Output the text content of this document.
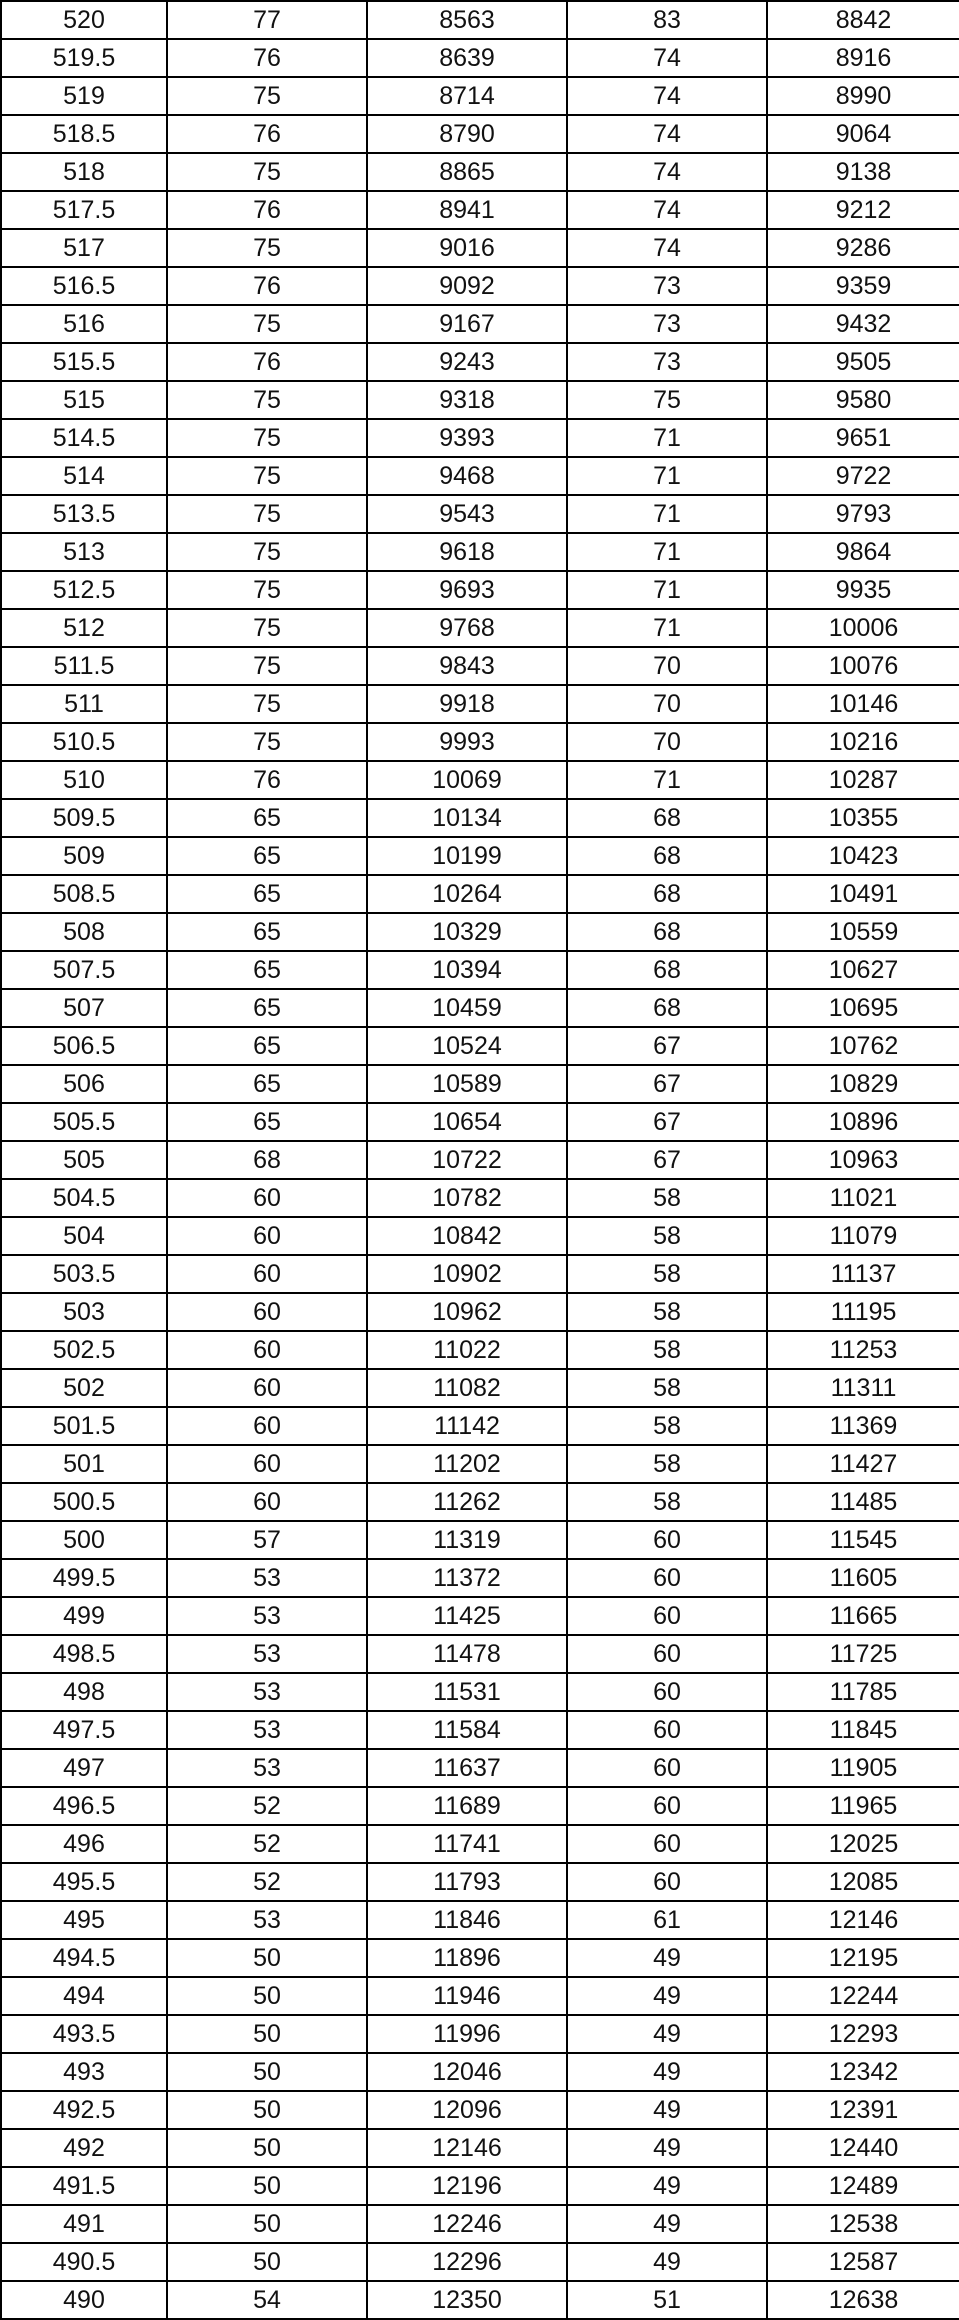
520	77	8563	83	8842
519.5	76	8639	74	8916
519	75	8714	74	8990
518.5	76	8790	74	9064
518	75	8865	74	9138
517.5	76	8941	74	9212
517	75	9016	74	9286
516.5	76	9092	73	9359
516	75	9167	73	9432
515.5	76	9243	73	9505
515	75	9318	75	9580
514.5	75	9393	71	9651
514	75	9468	71	9722
513.5	75	9543	71	9793
513	75	9618	71	9864
512.5	75	9693	71	9935
512	75	9768	71	10006
511.5	75	9843	70	10076
511	75	9918	70	10146
510.5	75	9993	70	10216
510	76	10069	71	10287
509.5	65	10134	68	10355
509	65	10199	68	10423
508.5	65	10264	68	10491
508	65	10329	68	10559
507.5	65	10394	68	10627
507	65	10459	68	10695
506.5	65	10524	67	10762
506	65	10589	67	10829
505.5	65	10654	67	10896
505	68	10722	67	10963
504.5	60	10782	58	11021
504	60	10842	58	11079
503.5	60	10902	58	11137
503	60	10962	58	11195
502.5	60	11022	58	11253
502	60	11082	58	11311
501.5	60	11142	58	11369
501	60	11202	58	11427
500.5	60	11262	58	11485
500	57	11319	60	11545
499.5	53	11372	60	11605
499	53	11425	60	11665
498.5	53	11478	60	11725
498	53	11531	60	11785
497.5	53	11584	60	11845
497	53	11637	60	11905
496.5	52	11689	60	11965
496	52	11741	60	12025
495.5	52	11793	60	12085
495	53	11846	61	12146
494.5	50	11896	49	12195
494	50	11946	49	12244
493.5	50	11996	49	12293
493	50	12046	49	12342
492.5	50	12096	49	12391
492	50	12146	49	12440
491.5	50	12196	49	12489
491	50	12246	49	12538
490.5	50	12296	49	12587
490	54	12350	51	12638
